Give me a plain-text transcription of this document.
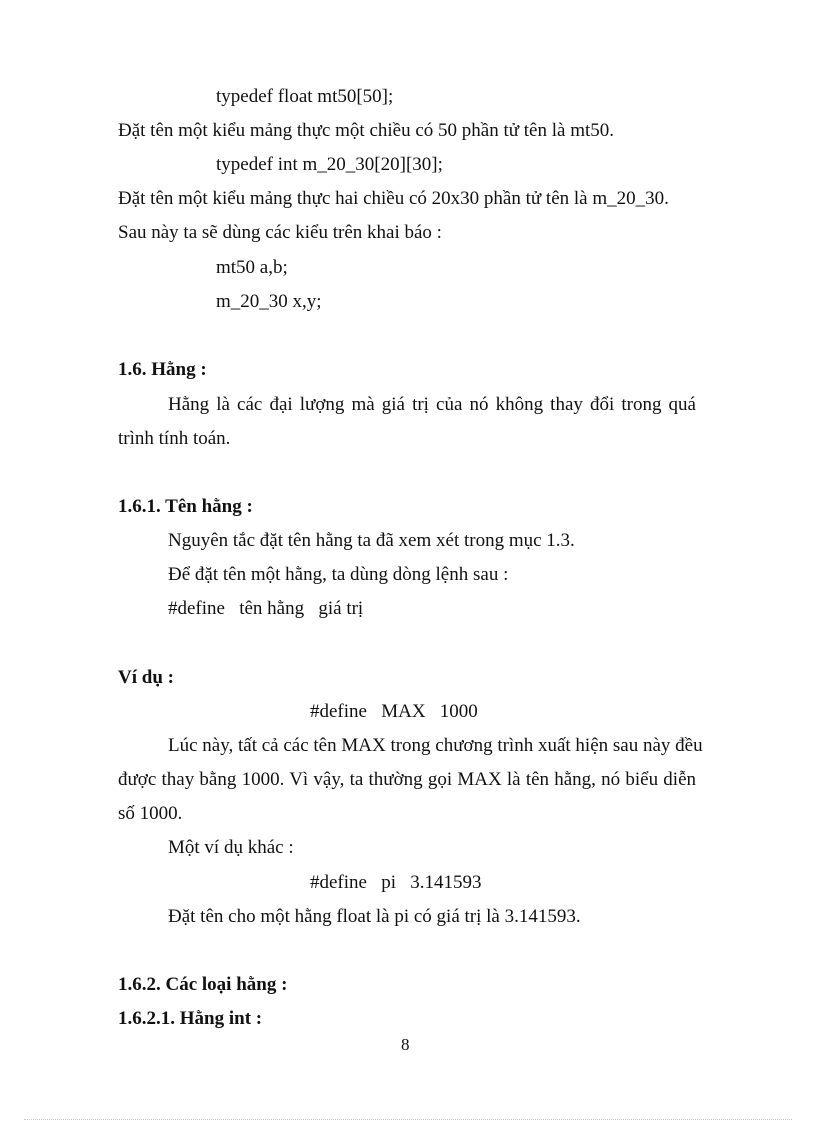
typedef float mt50[50];
Đặt tên một kiểu mảng thực một chiều có 50 phần tử tên là mt50.
typedef int m_20_30[20][30];
Đặt tên một kiểu mảng thực hai chiều có 20x30 phần tử tên là m_20_30.
Sau này ta sẽ dùng các kiểu trên khai báo :
mt50 a,b;
m_20_30 x,y;
1.6. Hằng :
Hằng là các đại lượng mà giá trị của nó không thay đổi trong quá
trình tính toán.
1.6.1. Tên hằng :
Nguyên tắc đặt tên hằng ta đã xem xét trong mục 1.3.
Để đặt tên một hằng, ta dùng dòng lệnh sau :
#define   tên hằng   giá trị
Ví dụ :
#define   MAX   1000
Lúc này, tất cả các tên MAX trong chương trình xuất hiện sau này đều
được thay bằng 1000. Vì vậy, ta thường gọi MAX là tên hằng, nó biểu diễn
số 1000.
Một ví dụ khác :
#define   pi   3.141593
Đặt tên cho một hằng float là pi có giá trị là 3.141593.
1.6.2. Các loại hằng :
1.6.2.1. Hằng int :
8
